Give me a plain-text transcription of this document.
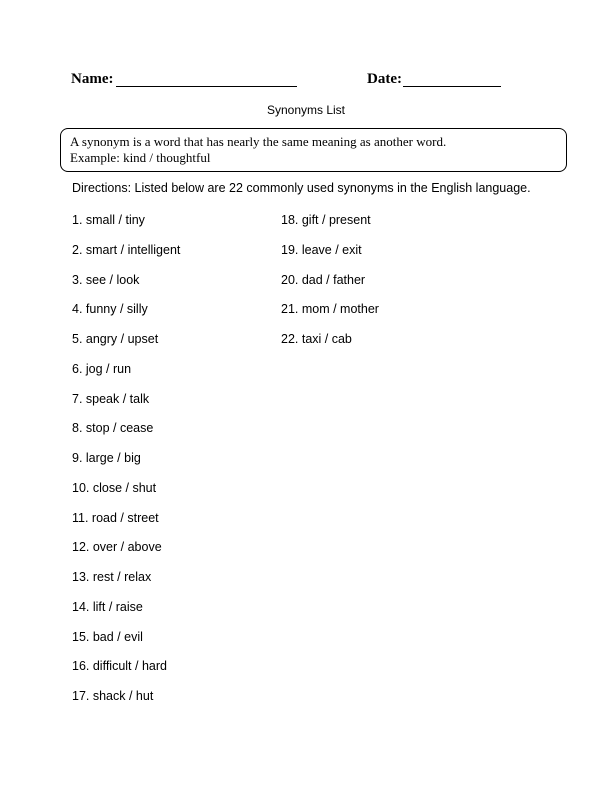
Name:	Date:
Synonyms List
A synonym is a word that has nearly the same meaning as another word.
Example: kind / thoughtful
Directions: Listed below are 22 commonly used synonyms in the English language.
1. small / tiny
2. smart / intelligent
3. see / look
4. funny / silly
5. angry / upset
6. jog / run
7. speak / talk
8. stop / cease
9. large / big
10. close / shut
11. road / street
12. over / above
13. rest / relax
14. lift / raise
15. bad / evil
16. difficult / hard
17. shack / hut
18. gift / present
19. leave / exit
20. dad / father
21. mom / mother
22. taxi / cab
